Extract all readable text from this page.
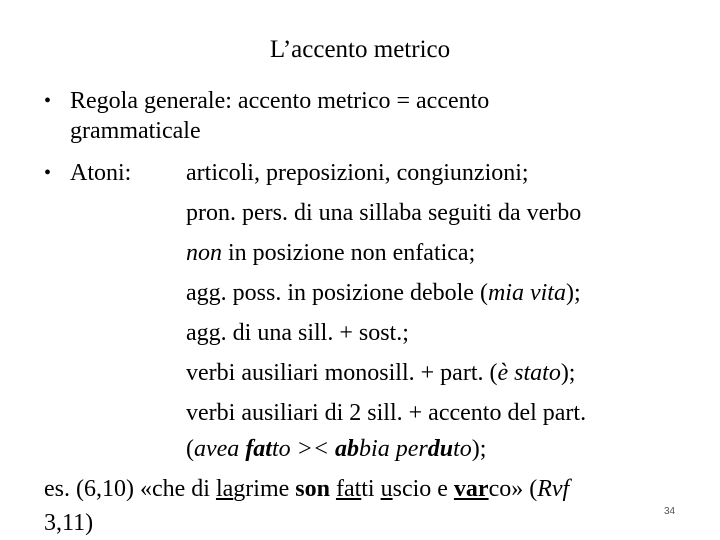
L’accento metrico
• Regola generale: accento metrico = accento
grammaticale
• Atoni: articoli, preposizioni, congiunzioni;
pron. pers. di una sillaba seguiti da verbo
non in posizione non enfatica;
agg. poss. in posizione debole (mia vita);
agg. di una sill. + sost.;
verbi ausiliari monosill. + part. (è stato);
verbi ausiliari di 2 sill. + accento del part.
(avea fatto >< abbia perduto);
es. (6,10) «che di lagrime son fatti uscio e varco» (Rvf
3,11)	34
